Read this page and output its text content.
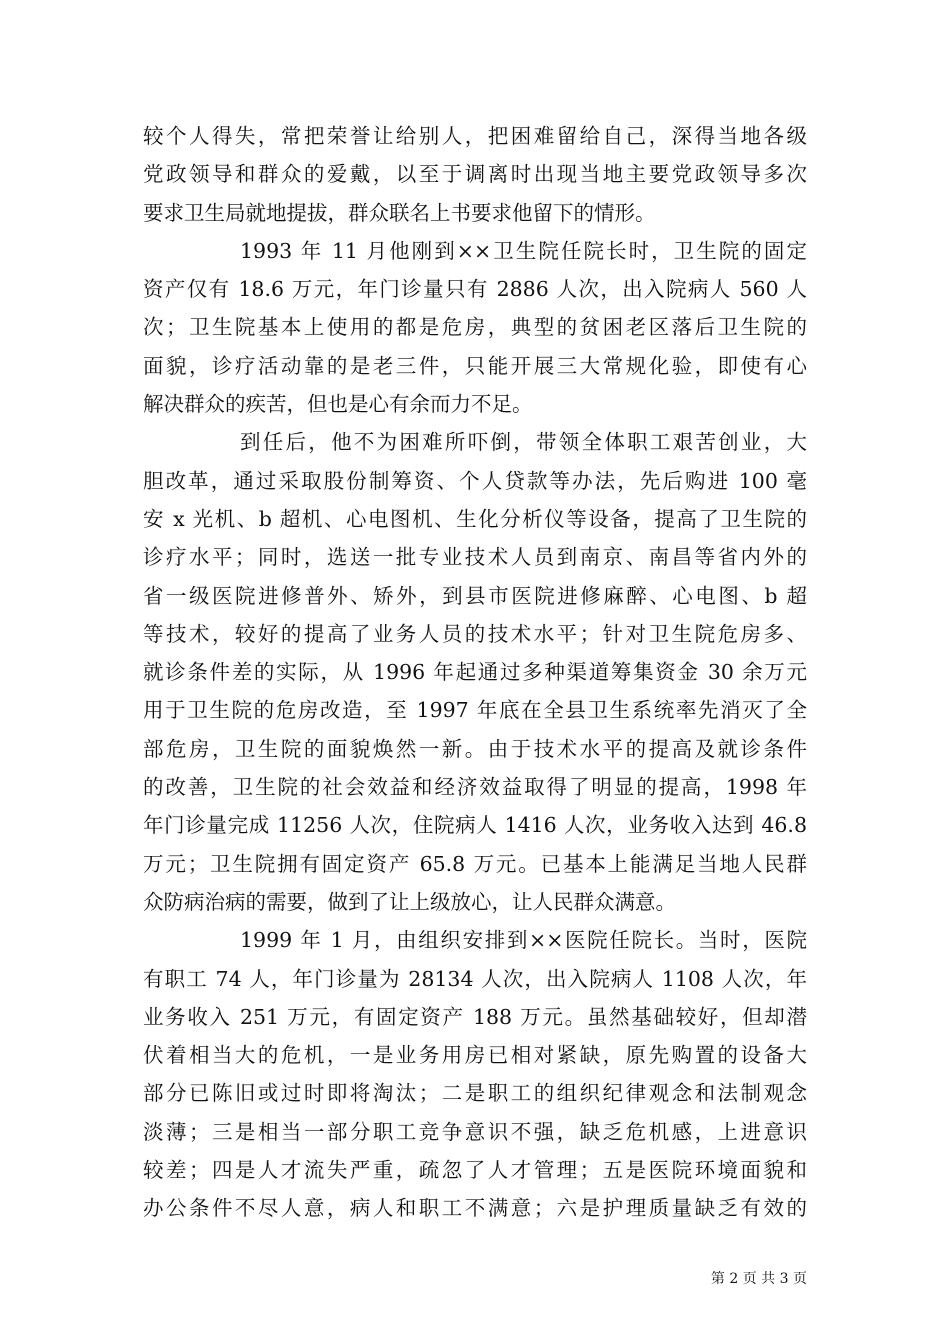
较个人得失，常把荣誉让给别人，把困难留给自己，深得当地各级
党政领导和群众的爱戴，以至于调离时出现当地主要党政领导多次
要求卫生局就地提拔，群众联名上书要求他留下的情形。
1993 年 11 月他刚到××卫生院任院长时，卫生院的固定
资产仅有 18.6 万元，年门诊量只有 2886 人次，出入院病人 560 人
次；卫生院基本上使用的都是危房，典型的贫困老区落后卫生院的
面貌，诊疗活动靠的是老三件，只能开展三大常规化验，即使有心
解决群众的疾苦，但也是心有余而力不足。
到任后，他不为困难所吓倒，带领全体职工艰苦创业，大
胆改革，通过采取股份制筹资、个人贷款等办法，先后购进 100 毫
安 x 光机、b 超机、心电图机、生化分析仪等设备，提高了卫生院的
诊疗水平；同时，选送一批专业技术人员到南京、南昌等省内外的
省一级医院进修普外、矫外，到县市医院进修麻醉、心电图、b 超
等技术，较好的提高了业务人员的技术水平；针对卫生院危房多、
就诊条件差的实际，从 1996 年起通过多种渠道筹集资金 30 余万元
用于卫生院的危房改造，至 1997 年底在全县卫生系统率先消灭了全
部危房，卫生院的面貌焕然一新。由于技术水平的提高及就诊条件
的改善，卫生院的社会效益和经济效益取得了明显的提高，1998 年
年门诊量完成 11256 人次，住院病人 1416 人次，业务收入达到 46.8
万元；卫生院拥有固定资产 65.8 万元。已基本上能满足当地人民群
众防病治病的需要，做到了让上级放心，让人民群众满意。
1999 年 1 月，由组织安排到××医院任院长。当时，医院
有职工 74 人，年门诊量为 28134 人次，出入院病人 1108 人次，年
业务收入 251 万元，有固定资产 188 万元。虽然基础较好，但却潜
伏着相当大的危机，一是业务用房已相对紧缺，原先购置的设备大
部分已陈旧或过时即将淘汰；二是职工的组织纪律观念和法制观念
淡薄；三是相当一部分职工竞争意识不强，缺乏危机感，上进意识
较差；四是人才流失严重，疏忽了人才管理；五是医院环境面貌和
办公条件不尽人意，病人和职工不满意；六是护理质量缺乏有效的
第 2 页 共 3 页
